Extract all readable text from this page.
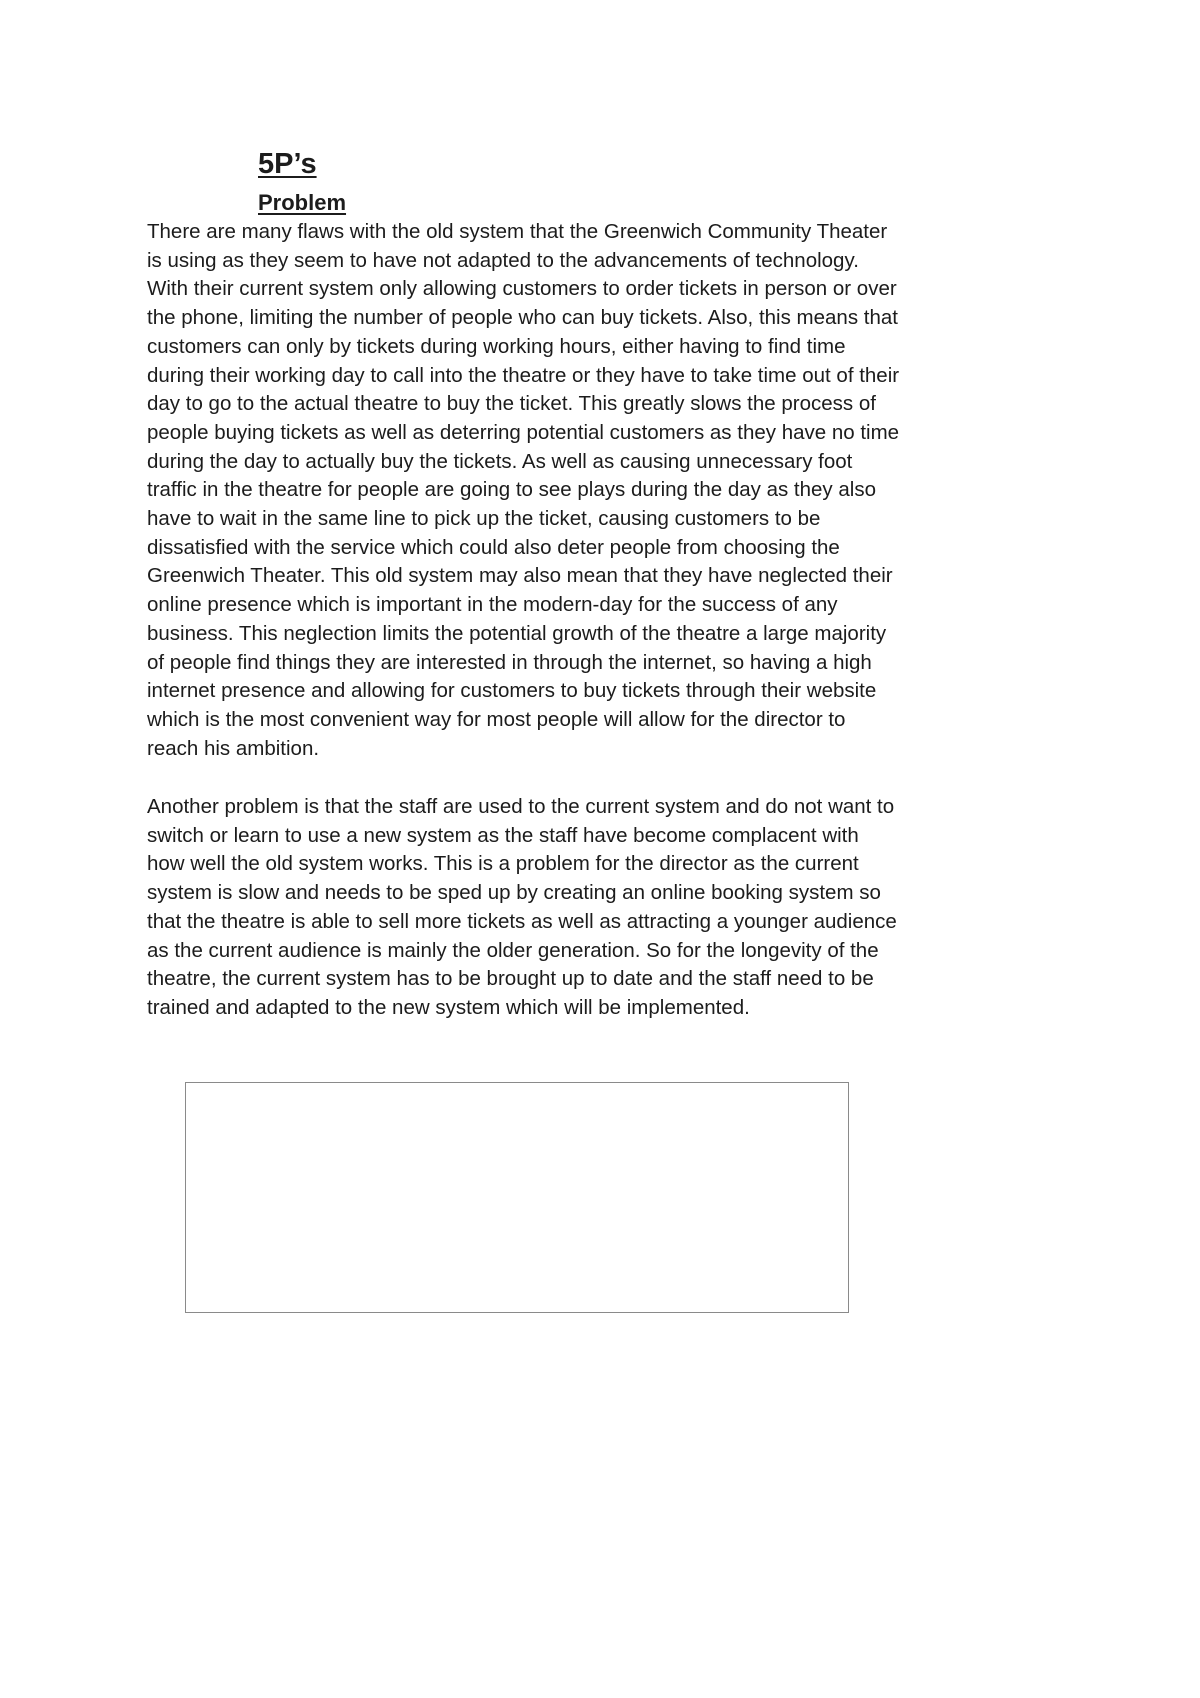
5P’s
Problem

There are many flaws with the old system that the Greenwich Community Theater
is using as they seem to have not adapted to the advancements of technology.
With their current system only allowing customers to order tickets in person or over
the phone, limiting the number of people who can buy tickets. Also, this means that
customers can only by tickets during working hours, either having to find time
during their working day to call into the theatre or they have to take time out of their
day to go to the actual theatre to buy the ticket. This greatly slows the process of
people buying tickets as well as deterring potential customers as they have no time
during the day to actually buy the tickets. As well as causing unnecessary foot
traffic in the theatre for people are going to see plays during the day as they also
have to wait in the same line to pick up the ticket, causing customers to be
dissatisfied with the service which could also deter people from choosing the
Greenwich Theater. This old system may also mean that they have neglected their
online presence which is important in the modern-day for the success of any
business. This neglection limits the potential growth of the theatre a large majority
of people find things they are interested in through the internet, so having a high
internet presence and allowing for customers to buy tickets through their website
which is the most convenient way for most people will allow for the director to
reach his ambition.

Another problem is that the staff are used to the current system and do not want to
switch or learn to use a new system as the staff have become complacent with
how well the old system works. This is a problem for the director as the current
system is slow and needs to be sped up by creating an online booking system so
that the theatre is able to sell more tickets as well as attracting a younger audience
as the current audience is mainly the older generation. So for the longevity of the
theatre, the current system has to be brought up to date and the staff need to be
trained and adapted to the new system which will be implemented.
